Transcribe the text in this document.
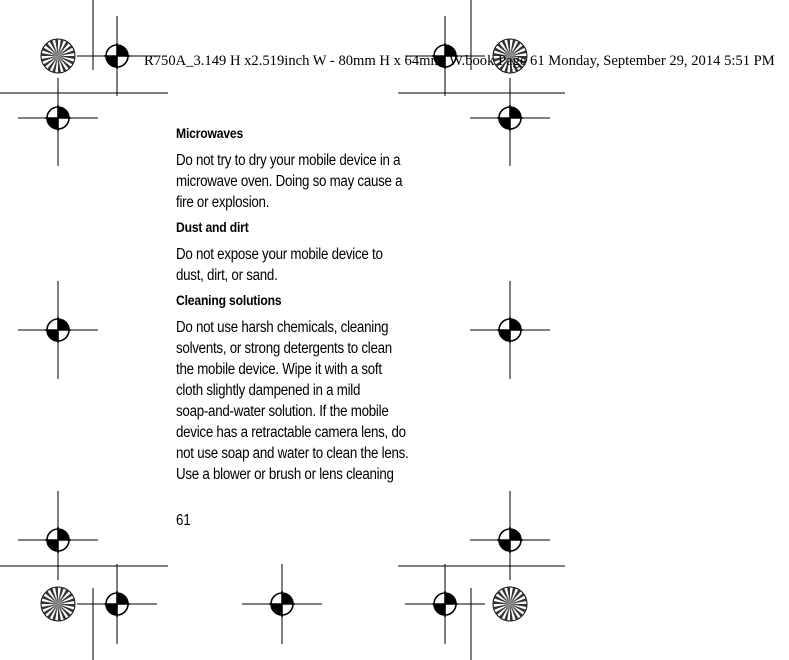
R750A_3.149 H x2.519inch W - 80mm H x 64mm_W.book Page 61 Monday, September 29, 2014 5:51 PM
Microwaves
Do not try to dry your mobile device in a
microwave oven. Doing so may cause a
fire or explosion.
Dust and dirt
Do not expose your mobile device to
dust, dirt, or sand.
Cleaning solutions
Do not use harsh chemicals, cleaning
solvents, or strong detergents to clean
the mobile device. Wipe it with a soft
cloth slightly dampened in a mild
soap-and-water solution. If the mobile
device has a retractable camera lens, do
not use soap and water to clean the lens.
Use a blower or brush or lens cleaning
61
